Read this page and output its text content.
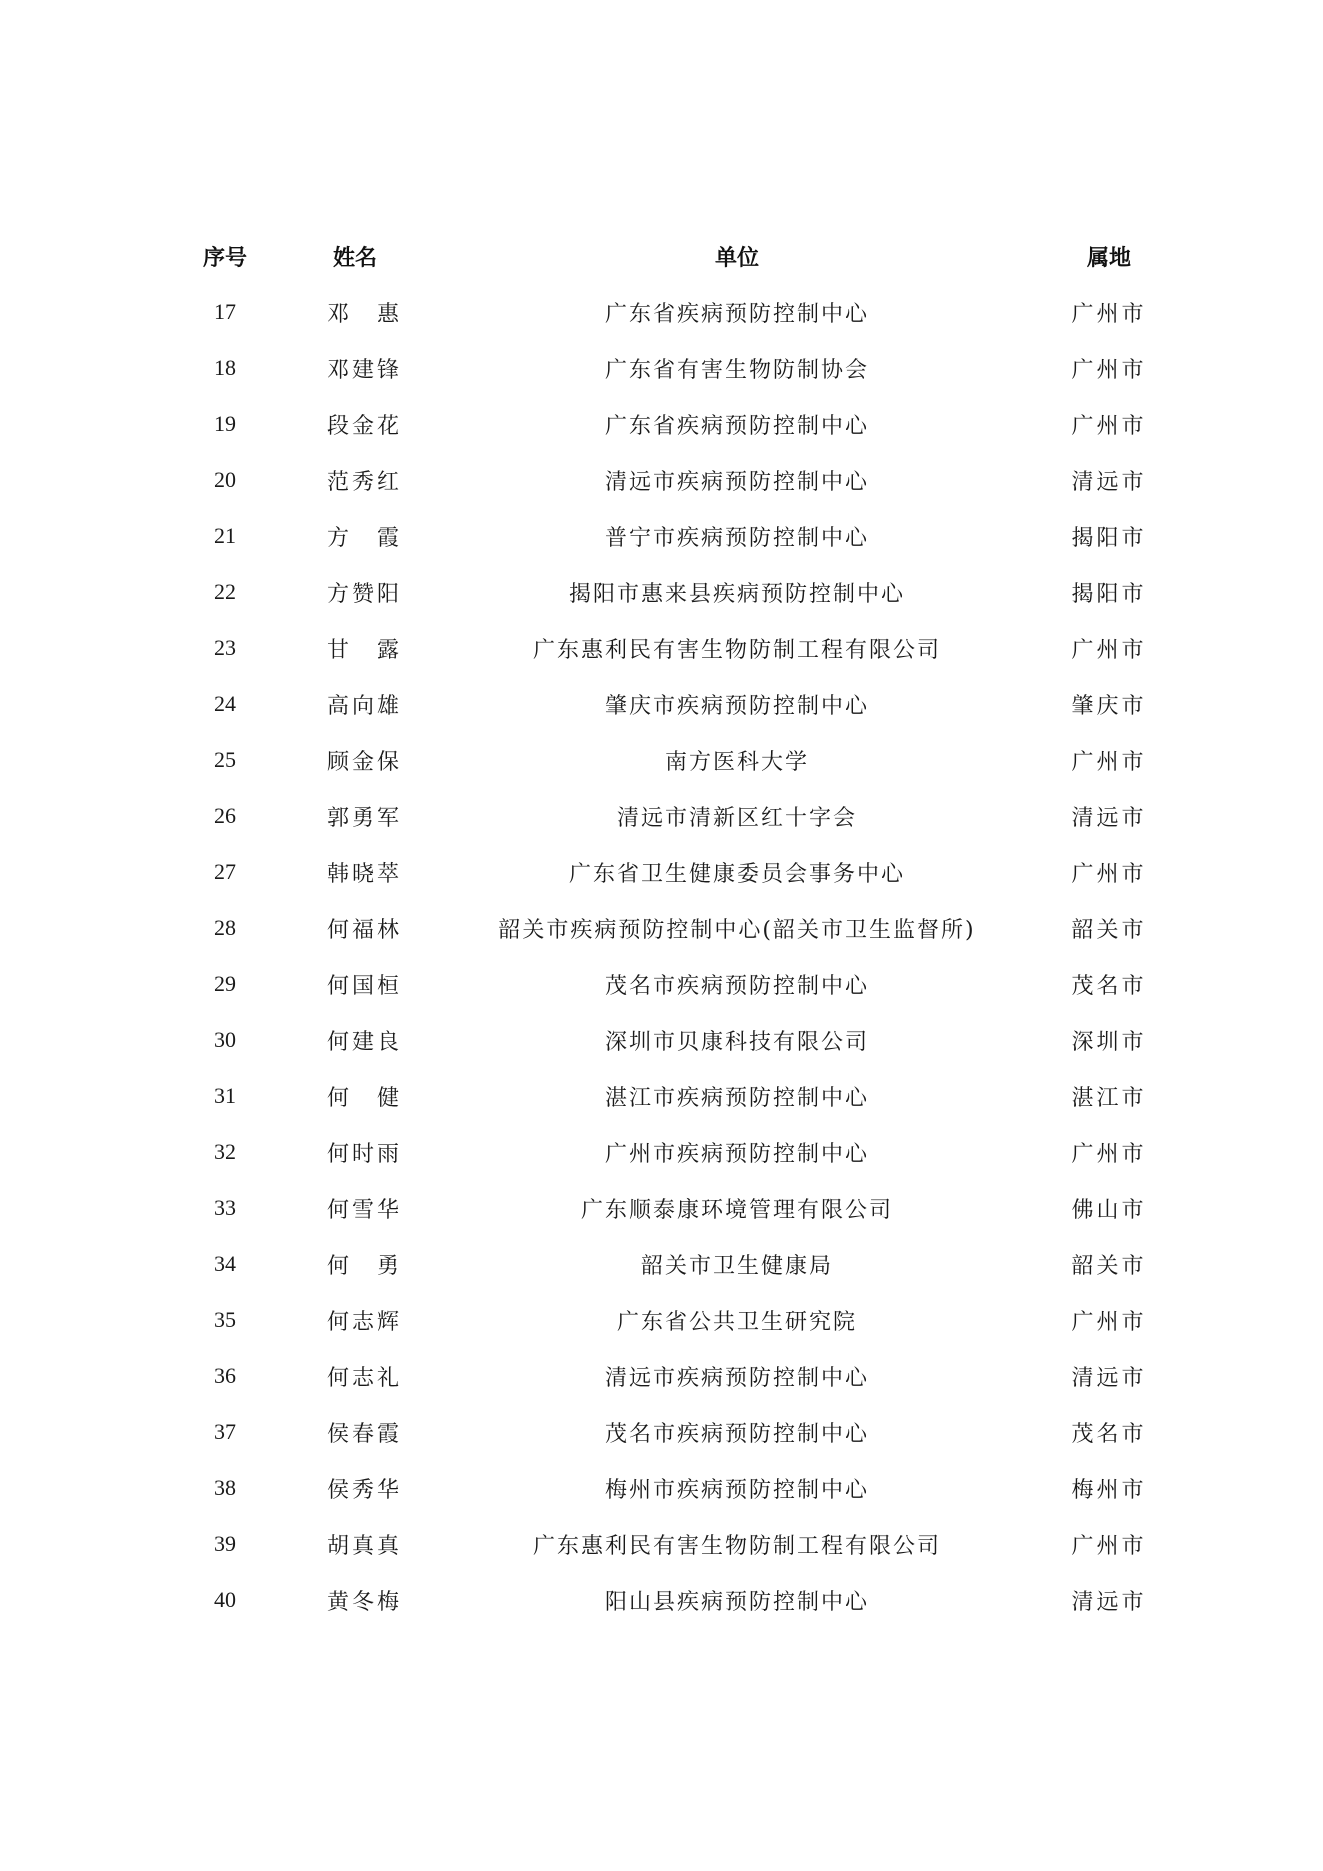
序号	姓名	单位	属地
17	邓　惠	广东省疾病预防控制中心	广州市
18	邓建锋	广东省有害生物防制协会	广州市
19	段金花	广东省疾病预防控制中心	广州市
20	范秀红	清远市疾病预防控制中心	清远市
21	方　霞	普宁市疾病预防控制中心	揭阳市
22	方赞阳	揭阳市惠来县疾病预防控制中心	揭阳市
23	甘　露	广东惠利民有害生物防制工程有限公司	广州市
24	高向雄	肇庆市疾病预防控制中心	肇庆市
25	顾金保	南方医科大学	广州市
26	郭勇军	清远市清新区红十字会	清远市
27	韩晓萃	广东省卫生健康委员会事务中心	广州市
28	何福林	韶关市疾病预防控制中心(韶关市卫生监督所)	韶关市
29	何国桓	茂名市疾病预防控制中心	茂名市
30	何建良	深圳市贝康科技有限公司	深圳市
31	何　健	湛江市疾病预防控制中心	湛江市
32	何时雨	广州市疾病预防控制中心	广州市
33	何雪华	广东顺泰康环境管理有限公司	佛山市
34	何　勇	韶关市卫生健康局	韶关市
35	何志辉	广东省公共卫生研究院	广州市
36	何志礼	清远市疾病预防控制中心	清远市
37	侯春霞	茂名市疾病预防控制中心	茂名市
38	侯秀华	梅州市疾病预防控制中心	梅州市
39	胡真真	广东惠利民有害生物防制工程有限公司	广州市
40	黄冬梅	阳山县疾病预防控制中心	清远市
